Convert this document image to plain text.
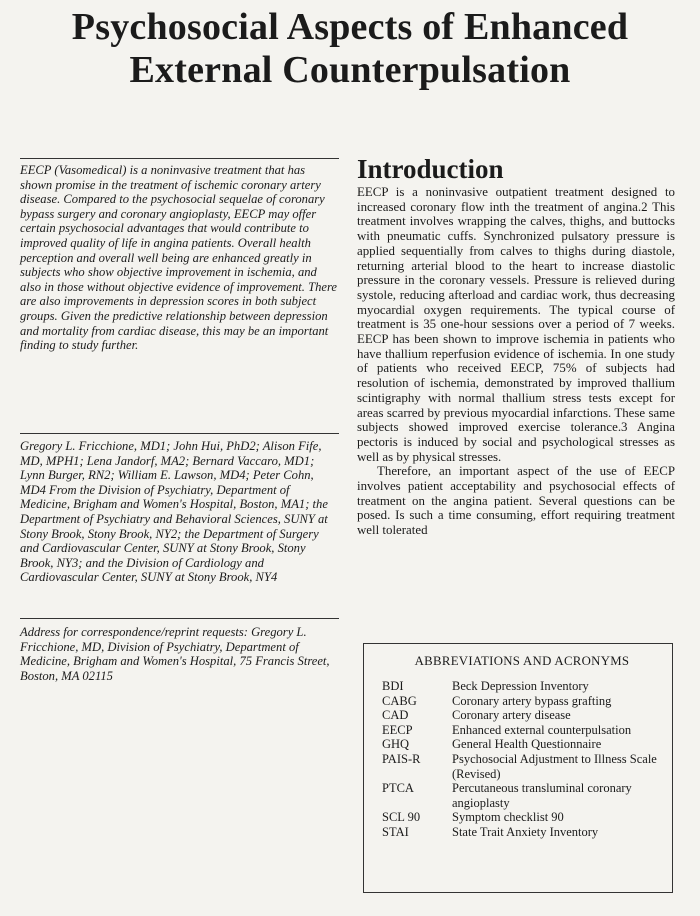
Psychosocial Aspects of Enhanced External Counterpulsation

EECP (Vasomedical) is a noninvasive treatment that has shown promise in the treatment of ischemic coronary artery disease. Compared to the psychosocial sequelae of coronary bypass surgery and coronary angioplasty, EECP may offer certain psychosocial advantages that would contribute to improved quality of life in angina patients. Overall health perception and overall well being are enhanced greatly in subjects who show objective improvement in ischemia, and also in those without objective evidence of improvement. There are also improvements in depression scores in both subject groups. Given the predictive relationship between depression and mortality from cardiac disease, this may be an important finding to study further.

Gregory L. Fricchione, MD1; John Hui, PhD2; Alison Fife, MD, MPH1; Lena Jandorf, MA2; Bernard Vaccaro, MD1; Lynn Burger, RN2; William E. Lawson, MD4; Peter Cohn, MD4 From the Division of Psychiatry, Department of Medicine, Brigham and Women's Hospital, Boston, MA1; the Department of Psychiatry and Behavioral Sciences, SUNY at Stony Brook, Stony Brook, NY2; the Department of Surgery and Cardiovascular Center, SUNY at Stony Brook, Stony Brook, NY3; and the Division of Cardiology and Cardiovascular Center, SUNY at Stony Brook, NY4

Address for correspondence/reprint requests: Gregory L. Fricchione, MD, Division of Psychiatry, Department of Medicine, Brigham and Women's Hospital, 75 Francis Street, Boston, MA 02115

Introduction

EECP is a noninvasive outpatient treatment designed to increased coronary flow inth the treatment of angina.2 This treatment involves wrapping the calves, thighs, and buttocks with pneumatic cuffs. Synchronized pulsatory pressure is applied sequentially from calves to thighs during diastole, returning arterial blood to the heart to increase diastolic pressure in the coronary vessels. Pressure is relieved during systole, reducing afterload and cardiac work, thus decreasing myocardial oxygen requirements. The typical course of treatment is 35 one-hour sessions over a period of 7 weeks. EECP has been shown to improve ischemia in patients who have thallium reperfusion evidence of ischemia. In one study of patients who received EECP, 75% of subjects had resolution of ischemia, demonstrated by improved thallium scintigraphy with normal thallium stress tests except for areas scarred by previous myocardial infarctions. These same subjects showed improved exercise tolerance.3 Angina pectoris is induced by social and psychological stresses as well as by physical stresses.

Therefore, an important aspect of the use of EECP involves patient acceptability and psychosocial effects of treatment on the angina patient. Several questions can be posed. Is such a time consuming, effort requiring treatment well tolerated

ABBREVIATIONS AND ACRONYMS
BDI	Beck Depression Inventory
CABG	Coronary artery bypass grafting
CAD	Coronary artery disease
EECP	Enhanced external counterpulsation
GHQ	General Health Questionnaire
PAIS-R	Psychosocial Adjustment to Illness Scale (Revised)
PTCA	Percutaneous transluminal coronary angioplasty
SCL 90	Symptom checklist 90
STAI	State Trait Anxiety Inventory
